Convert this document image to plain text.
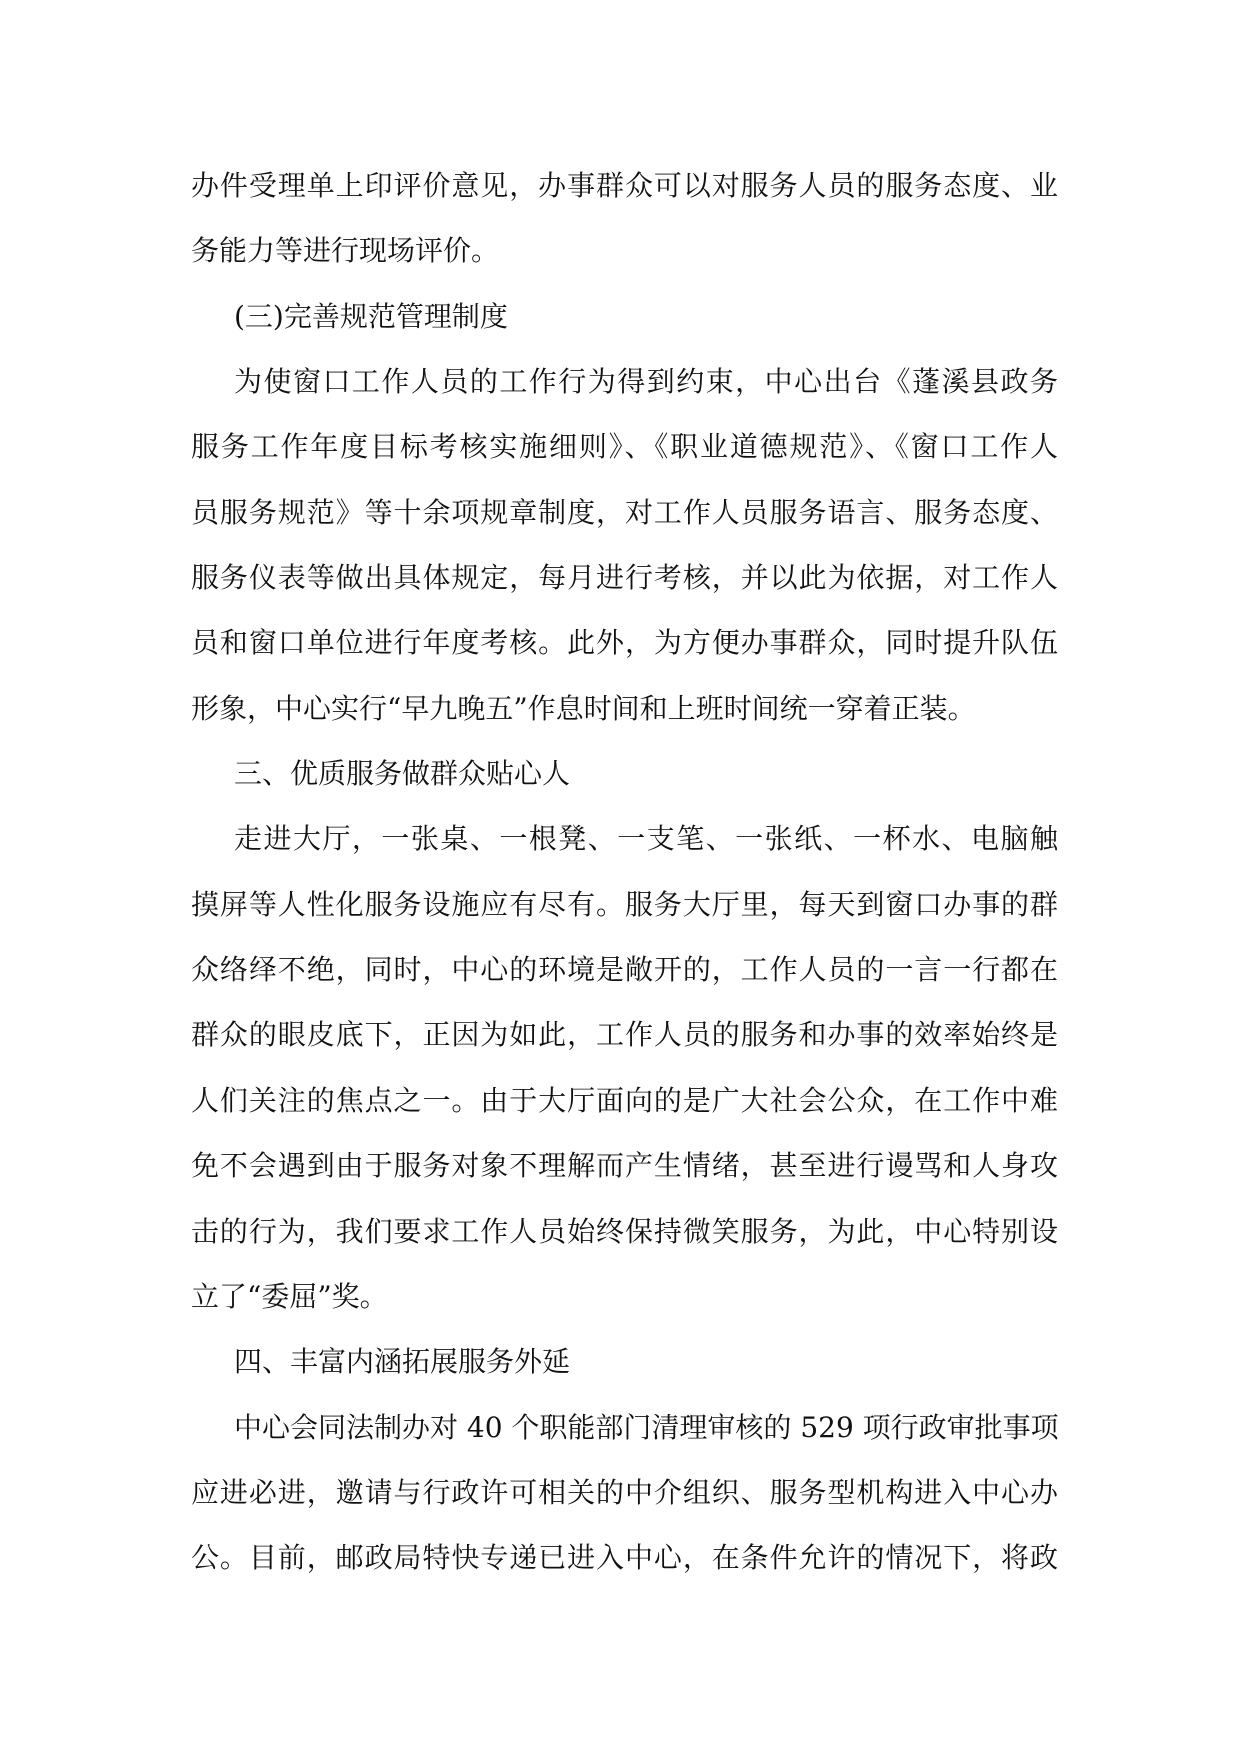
办件受理单上印评价意见，办事群众可以对服务人员的服务态度、业
务能力等进行现场评价。
(三)完善规范管理制度
为使窗口工作人员的工作行为得到约束，中心出台《蓬溪县政务
服务工作年度目标考核实施细则》、《职业道德规范》、《窗口工作人
员服务规范》等十余项规章制度，对工作人员服务语言、服务态度、
服务仪表等做出具体规定，每月进行考核，并以此为依据，对工作人
员和窗口单位进行年度考核。此外，为方便办事群众，同时提升队伍
形象，中心实行“早九晚五”作息时间和上班时间统一穿着正装。
三、优质服务做群众贴心人
走进大厅，一张桌、一根凳、一支笔、一张纸、一杯水、电脑触
摸屏等人性化服务设施应有尽有。服务大厅里，每天到窗口办事的群
众络绎不绝，同时，中心的环境是敞开的，工作人员的一言一行都在
群众的眼皮底下，正因为如此，工作人员的服务和办事的效率始终是
人们关注的焦点之一。由于大厅面向的是广大社会公众，在工作中难
免不会遇到由于服务对象不理解而产生情绪，甚至进行谩骂和人身攻
击的行为，我们要求工作人员始终保持微笑服务，为此，中心特别设
立了“委屈”奖。
四、丰富内涵拓展服务外延
中心会同法制办对 40 个职能部门清理审核的 529 项行政审批事项
应进必进，邀请与行政许可相关的中介组织、服务型机构进入中心办
公。目前，邮政局特快专递已进入中心，在条件允许的情况下，将政
